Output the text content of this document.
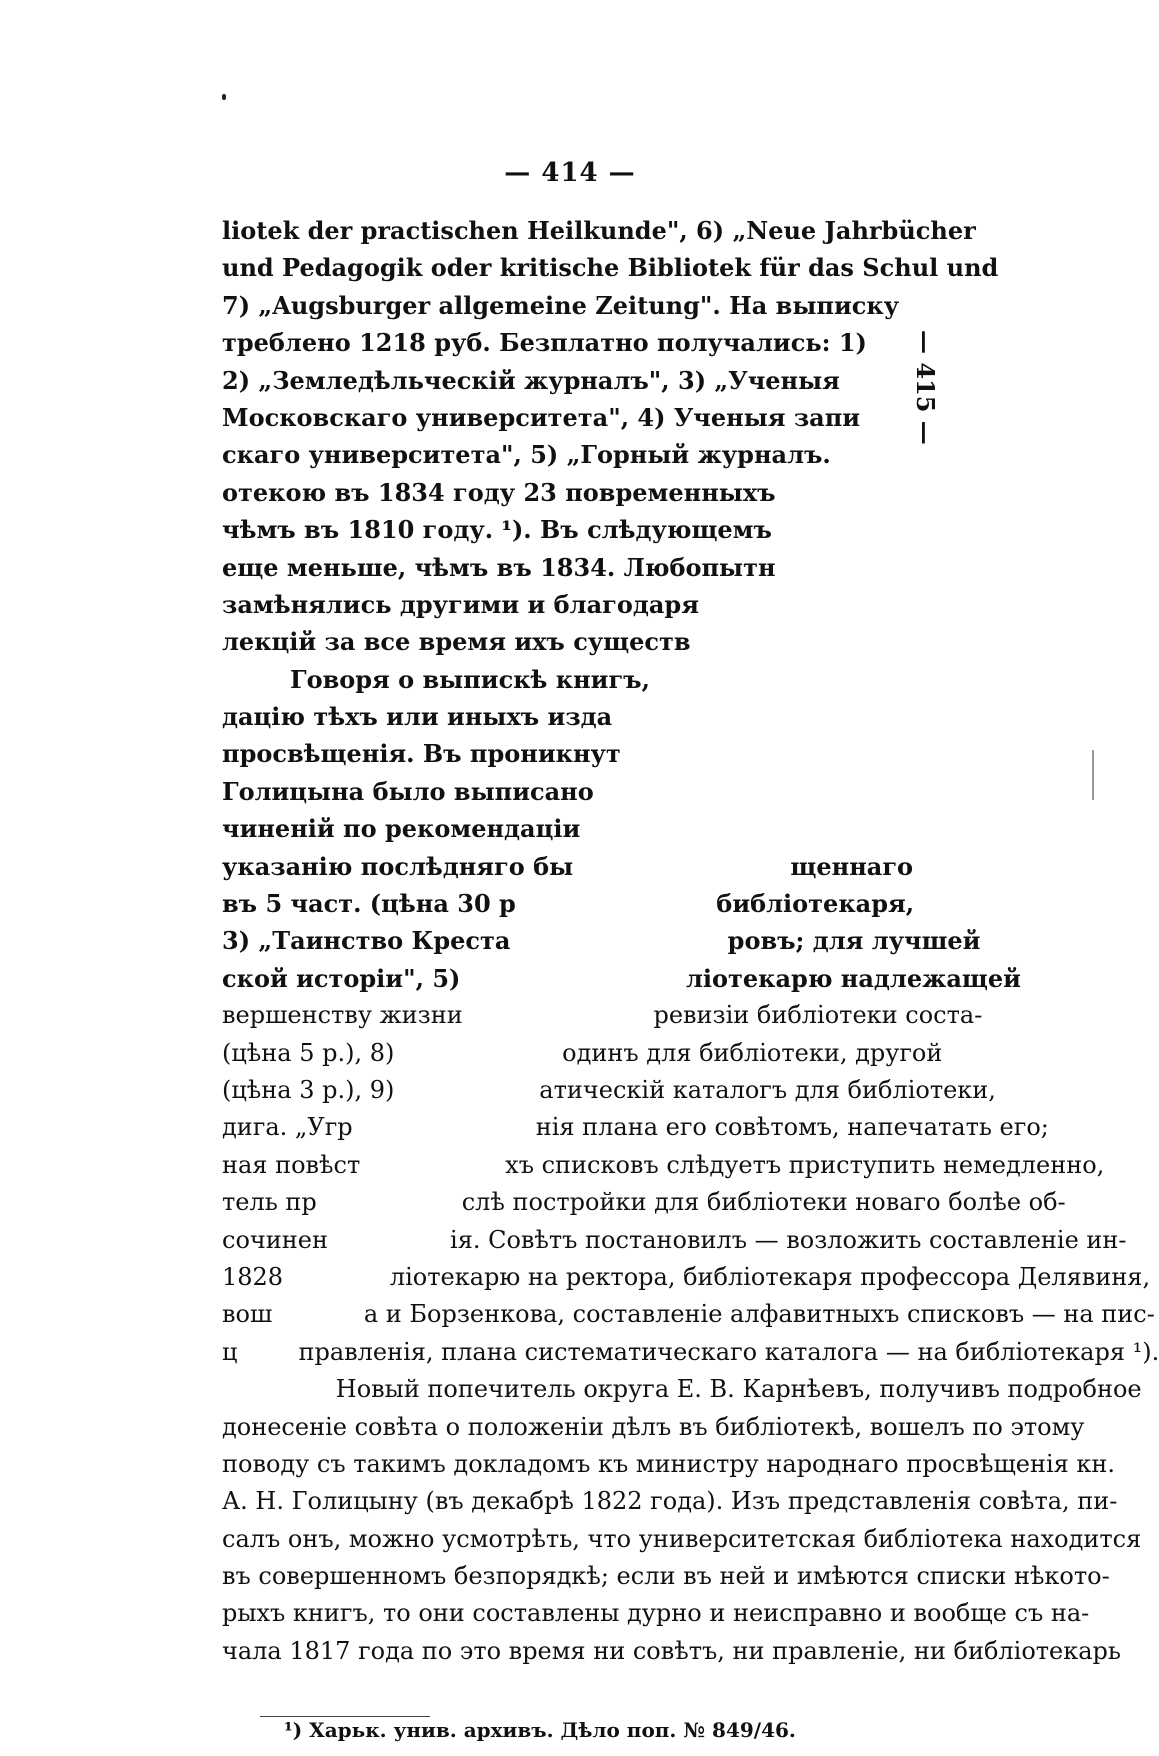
— 414 —
— 415 —
liotek der practischen Heilkunde", 6) „Neue Jahrbücher
und Pedagogik oder kritische Bibliotek für das Schul und
7) „Augsburger allgemeine Zeitung". На выписку
треблено 1218 руб. Безплатно получались: 1)
2) „Земледѣльческій журналъ", 3) „Ученыя
Московскаго университета", 4) Ученыя запи
скаго университета", 5) „Горный журналъ.
отекою въ 1834 году 23 повременныхъ
чѣмъ въ 1810 году. ¹). Въ слѣдующемъ
еще меньше, чѣмъ въ 1834. Любопытн
замѣнялись другими и благодаря
лекцій за все время ихъ существ
Говоря о выпискѣ книгъ,
дацію тѣхъ или иныхъ изда
просвѣщенія. Въ проникнут
Голицына было выписано
чиненій по рекомендаціи
указанію послѣдняго бы                          щеннаго
въ 5 част. (цѣна 30 р                        библіотекаря,
3) „Таинство Креста                          ровъ; для лучшей
ской исторіи", 5)                           ліотекарю надлежащей
вершенству жизни                         ревизіи библіотеки соста-
(цѣна 5 р.), 8)                      одинъ для библіотеки, другой
(цѣна 3 р.), 9)                   атическій каталогъ для библіотеки,
дига. „Угр                        нія плана его совѣтомъ, напечатать его;
ная повѣст                   хъ списковъ слѣдуетъ приступить немедленно,
тель пр                   слѣ постройки для библіотеки новаго болѣе об-
сочинен                ія. Совѣтъ постановилъ — возложить составленіе ин-
1828              ліотекарю на ректора, библіотекаря профессора Делявиня,
вош            а и Борзенкова, составленіе алфавитныхъ списковъ — на пис-
ц        правленія, плана систематическаго каталога — на библіотекаря ¹).
Новый попечитель округа Е. В. Карнѣевъ, получивъ подробное
донесеніе совѣта о положеніи дѣлъ въ библіотекѣ, вошелъ по этому
поводу съ такимъ докладомъ къ министру народнаго просвѣщенія кн.
А. Н. Голицыну (въ декабрѣ 1822 года). Изъ представленія совѣта, пи-
салъ онъ, можно усмотрѣть, что университетская библіотека находится
въ совершенномъ безпорядкѣ; если въ ней и имѣются списки нѣкото-
рыхъ книгъ, то они составлены дурно и неисправно и вообще съ на-
чала 1817 года по это время ни совѣтъ, ни правленіе, ни библіотекарь
¹) Харьк. унив. архивъ. Дѣло поп. № 849/46.
